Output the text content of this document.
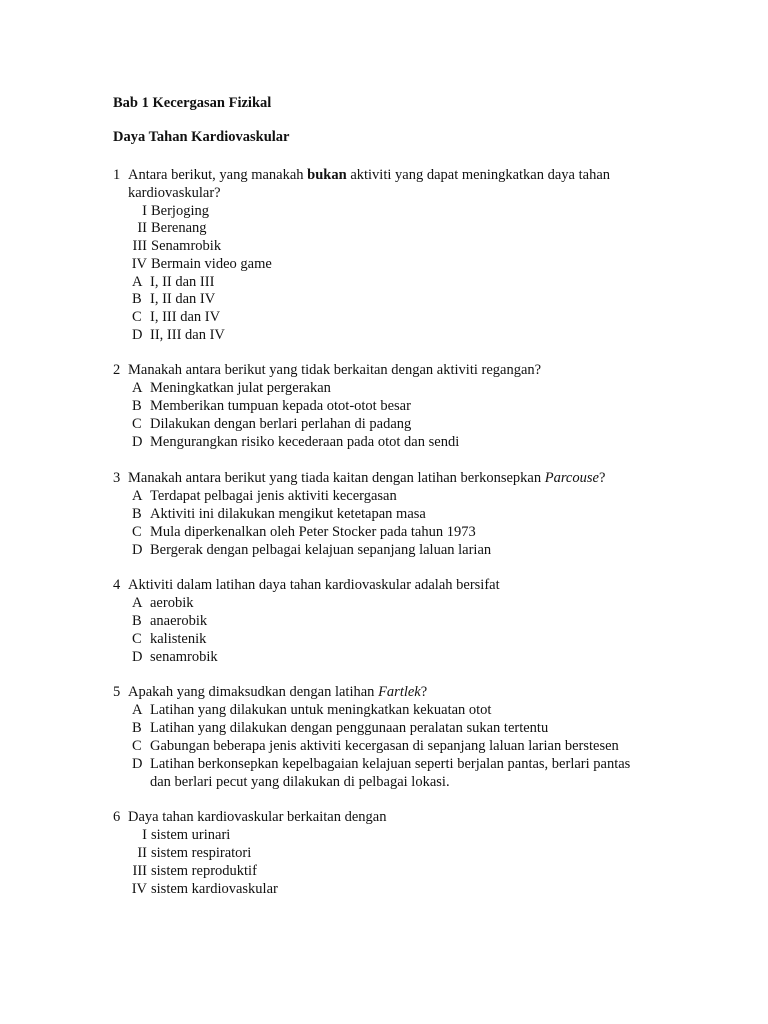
Bab 1 Kecergasan Fizikal
Daya Tahan Kardiovaskular
1 Antara berikut, yang manakah bukan aktiviti yang dapat meningkatkan daya tahan
kardiovaskular?
I Berjoging
II Berenang
III Senamrobik
IV Bermain video game
A I, II dan III
B I, II dan IV
C I, III dan IV
D II, III dan IV
2 Manakah antara berikut yang tidak berkaitan dengan aktiviti regangan?
A Meningkatkan julat pergerakan
B Memberikan tumpuan kepada otot-otot besar
C Dilakukan dengan berlari perlahan di padang
D Mengurangkan risiko kecederaan pada otot dan sendi
3 Manakah antara berikut yang tiada kaitan dengan latihan berkonsepkan Parcouse?
A Terdapat pelbagai jenis aktiviti kecergasan
B Aktiviti ini dilakukan mengikut ketetapan masa
C Mula diperkenalkan oleh Peter Stocker pada tahun 1973
D Bergerak dengan pelbagai kelajuan sepanjang laluan larian
4 Aktiviti dalam latihan daya tahan kardiovaskular adalah bersifat
A aerobik
B anaerobik
C kalistenik
D senamrobik
5 Apakah yang dimaksudkan dengan latihan Fartlek?
A Latihan yang dilakukan untuk meningkatkan kekuatan otot
B Latihan yang dilakukan dengan penggunaan peralatan sukan tertentu
C Gabungan beberapa jenis aktiviti kecergasan di sepanjang laluan larian berstesen
D Latihan berkonsepkan kepelbagaian kelajuan seperti berjalan pantas, berlari pantas
dan berlari pecut yang dilakukan di pelbagai lokasi.
6 Daya tahan kardiovaskular berkaitan dengan
I sistem urinari
II sistem respiratori
III sistem reproduktif
IV sistem kardiovaskular
